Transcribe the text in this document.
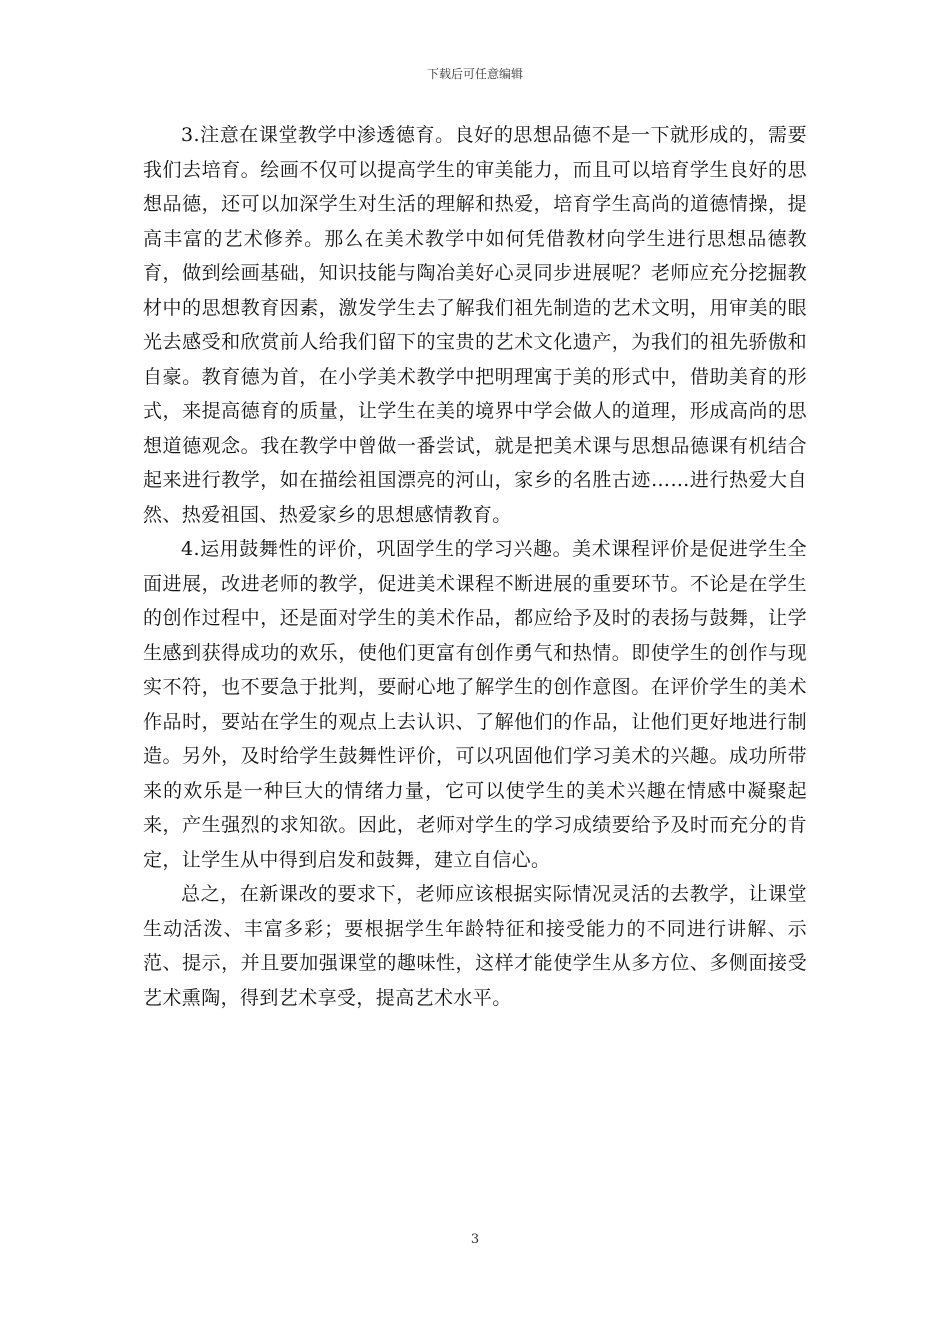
下载后可任意编辑

3.注意在课堂教学中渗透德育。良好的思想品德不是一下就形成的，需要我们去培育。绘画不仅可以提高学生的审美能力，而且可以培育学生良好的思想品德，还可以加深学生对生活的理解和热爱，培育学生高尚的道德情操，提高丰富的艺术修养。那么在美术教学中如何凭借教材向学生进行思想品德教育，做到绘画基础，知识技能与陶冶美好心灵同步进展呢？老师应充分挖掘教材中的思想教育因素，激发学生去了解我们祖先制造的艺术文明，用审美的眼光去感受和欣赏前人给我们留下的宝贵的艺术文化遗产，为我们的祖先骄傲和自豪。教育德为首，在小学美术教学中把明理寓于美的形式中，借助美育的形式，来提高德育的质量，让学生在美的境界中学会做人的道理，形成高尚的思想道德观念。我在教学中曾做一番尝试，就是把美术课与思想品德课有机结合起来进行教学，如在描绘祖国漂亮的河山，家乡的名胜古迹……进行热爱大自然、热爱祖国、热爱家乡的思想感情教育。

4.运用鼓舞性的评价，巩固学生的学习兴趣。美术课程评价是促进学生全面进展，改进老师的教学，促进美术课程不断进展的重要环节。不论是在学生的创作过程中，还是面对学生的美术作品，都应给予及时的表扬与鼓舞，让学生感到获得成功的欢乐，使他们更富有创作勇气和热情。即使学生的创作与现实不符，也不要急于批判，要耐心地了解学生的创作意图。在评价学生的美术作品时，要站在学生的观点上去认识、了解他们的作品，让他们更好地进行制造。另外，及时给学生鼓舞性评价，可以巩固他们学习美术的兴趣。成功所带来的欢乐是一种巨大的情绪力量，它可以使学生的美术兴趣在情感中凝聚起来，产生强烈的求知欲。因此，老师对学生的学习成绩要给予及时而充分的肯定，让学生从中得到启发和鼓舞，建立自信心。

总之，在新课改的要求下，老师应该根据实际情况灵活的去教学，让课堂生动活泼、丰富多彩；要根据学生年龄特征和接受能力的不同进行讲解、示范、提示，并且要加强课堂的趣味性，这样才能使学生从多方位、多侧面接受艺术熏陶，得到艺术享受，提高艺术水平。

3
